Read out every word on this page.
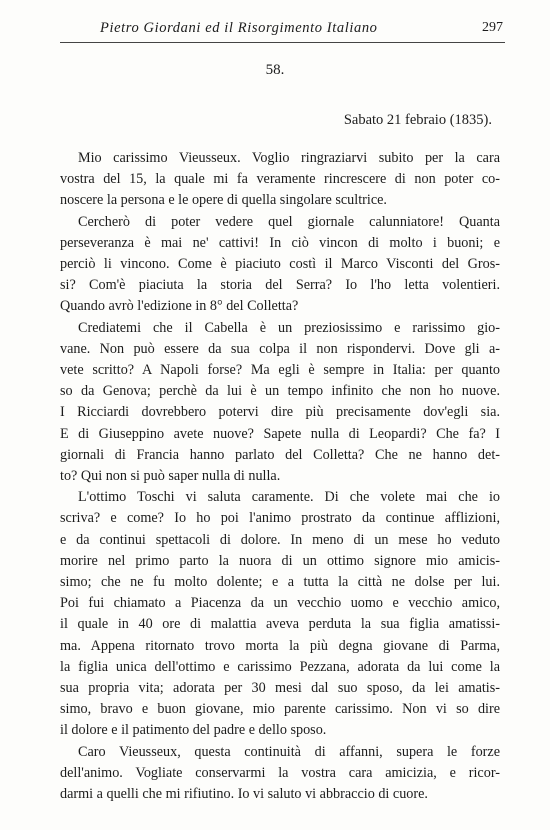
Pietro Giordani ed il Risorgimento Italiano	297
58.
Sabato 21 febraio (1835).
Mio carissimo Vieusseux. Voglio ringraziarvi subito per la cara
vostra del 15, la quale mi fa veramente rincrescere di non poter co-
noscere la persona e le opere di quella singolare scultrice.
Cercherò di poter vedere quel giornale calunniatore! Quanta
perseveranza è mai ne' cattivi! In ciò vincon di molto i buoni; e
perciò li vincono. Come è piaciuto costì il Marco Visconti del Gros-
si? Com'è piaciuta la storia del Serra? Io l'ho letta volentieri.
Quando avrò l'edizione in 8° del Colletta?
Crediatemi che il Cabella è un preziosissimo e rarissimo gio-
vane. Non può essere da sua colpa il non rispondervi. Dove gli a-
vete scritto? A Napoli forse? Ma egli è sempre in Italia: per quanto
so da Genova; perchè da lui è un tempo infinito che non ho nuove.
I Ricciardi dovrebbero potervi dire più precisamente dov'egli sia.
E di Giuseppino avete nuove? Sapete nulla di Leopardi? Che fa? I
giornali di Francia hanno parlato del Colletta? Che ne hanno det-
to? Qui non si può saper nulla di nulla.
L'ottimo Toschi vi saluta caramente. Di che volete mai che io
scriva? e come? Io ho poi l'animo prostrato da continue afflizioni,
e da continui spettacoli di dolore. In meno di un mese ho veduto
morire nel primo parto la nuora di un ottimo signore mio amicis-
simo; che ne fu molto dolente; e a tutta la città ne dolse per lui.
Poi fui chiamato a Piacenza da un vecchio uomo e vecchio amico,
il quale in 40 ore di malattia aveva perduta la sua figlia amatissi-
ma. Appena ritornato trovo morta la più degna giovane di Parma,
la figlia unica dell'ottimo e carissimo Pezzana, adorata da lui come la
sua propria vita; adorata per 30 mesi dal suo sposo, da lei amatis-
simo, bravo e buon giovane, mio parente carissimo. Non vi so dire
il dolore e il patimento del padre e dello sposo.
Caro Vieusseux, questa continuità di affanni, supera le forze
dell'animo. Vogliate conservarmi la vostra cara amicizia, e ricor-
darmi a quelli che mi rifiutino. Io vi saluto vi abbraccio di cuore.
